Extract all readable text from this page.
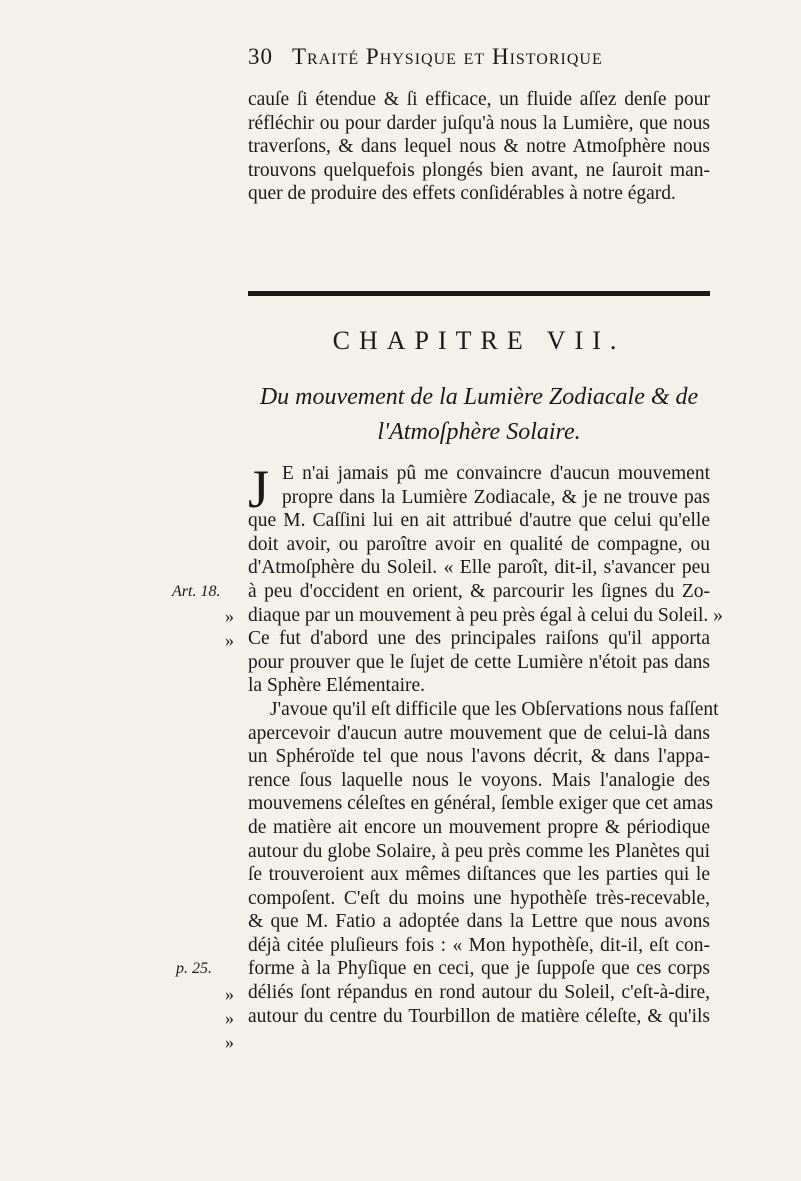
30 Traité Physique et Historique
cauſe ſi étendue & ſi efficace, un fluide aſſez denſe pour
réfléchir ou pour darder juſqu'à nous la Lumière, que nous
traverſons, & dans lequel nous & notre Atmoſphère nous
trouvons quelquefois plongés bien avant, ne ſauroit man-
quer de produire des effets conſidérables à notre égard.
CHAPITRE VII.
Du mouvement de la Lumière Zodiacale & de
l'Atmoſphère Solaire.
J E n'ai jamais pû me convaincre d'aucun mouvement
propre dans la Lumière Zodiacale, & je ne trouve pas
que M. Caſſini lui en ait attribué d'autre que celui qu'elle
doit avoir, ou paroître avoir en qualité de compagne, ou
d'Atmoſphère du Soleil. « Elle paroît, dit-il, s'avancer peu
à peu d'occident en orient, & parcourir les ſignes du Zo-
diaque par un mouvement à peu près égal à celui du Soleil. »
Ce fut d'abord une des principales raiſons qu'il apporta
pour prouver que le ſujet de cette Lumière n'étoit pas dans
la Sphère Elémentaire.
J'avoue qu'il eſt difficile que les Obſervations nous faſſent
apercevoir d'aucun autre mouvement que de celui-là dans
un Sphéroïde tel que nous l'avons décrit, & dans l'appa-
rence ſous laquelle nous le voyons. Mais l'analogie des
mouvemens céleſtes en général, ſemble exiger que cet amas
de matière ait encore un mouvement propre & périodique
autour du globe Solaire, à peu près comme les Planètes qui
ſe trouveroient aux mêmes diſtances que les parties qui le
compoſent. C'eſt du moins une hypothèſe très-recevable,
& que M. Fatio a adoptée dans la Lettre que nous avons
déjà citée pluſieurs fois : « Mon hypothèſe, dit-il, eſt con-
forme à la Phyſique en ceci, que je ſuppoſe que ces corps
déliés ſont répandus en rond autour du Soleil, c'eſt-à-dire,
autour du centre du Tourbillon de matière céleſte, & qu'ils
Art. 18.
p. 25.
»
»
»
»
»
